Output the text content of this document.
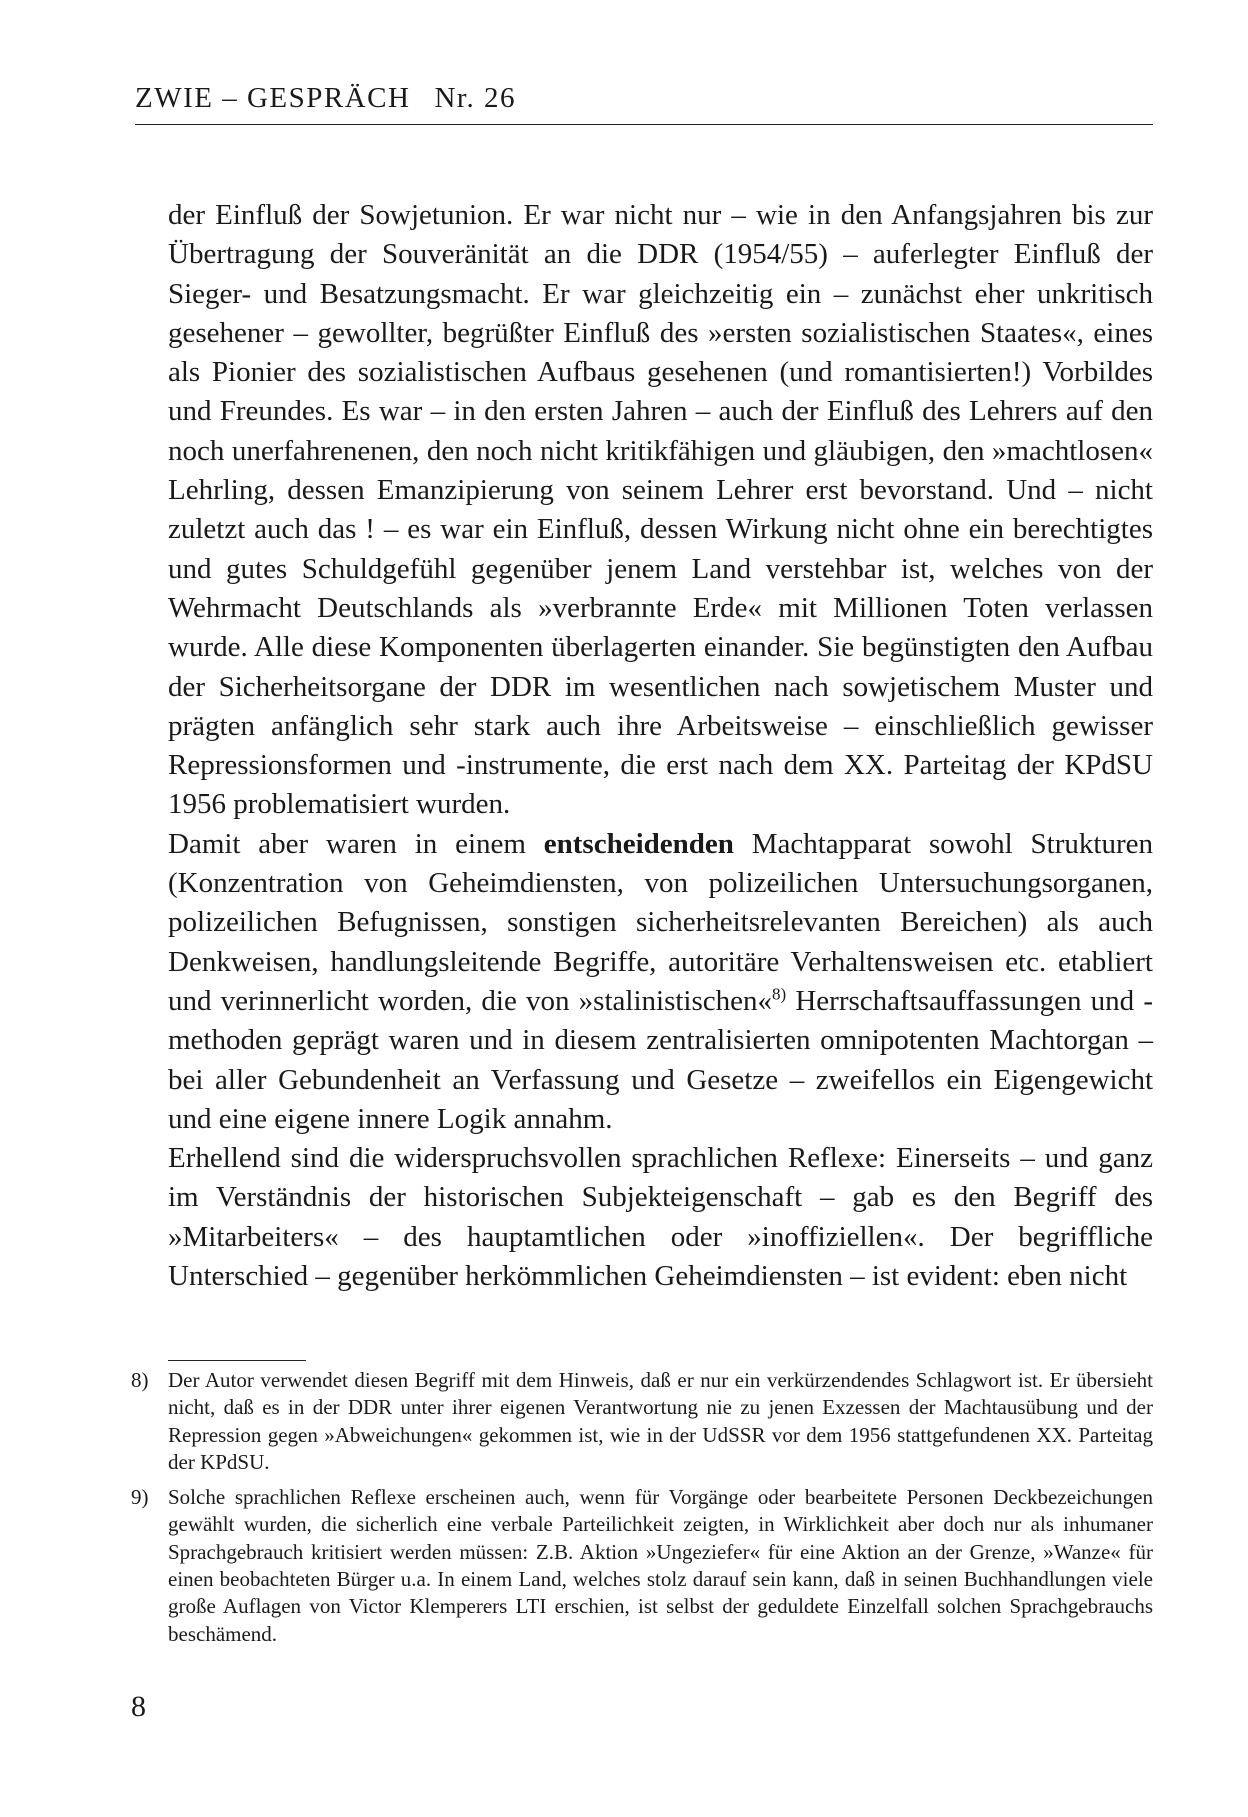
ZWIE – GESPRÄCH Nr. 26

der Einfluß der Sowjetunion. Er war nicht nur – wie in den Anfangsjahren bis zur Übertragung der Souveränität an die DDR (1954/55) – auferlegter Einfluß der Sieger- und Besatzungsmacht. Er war gleichzeitig ein – zunächst eher unkritisch gesehener – gewollter, begrüßter Einfluß des »ersten sozialistischen Staates«, eines als Pionier des sozialistischen Aufbaus gesehenen (und romantisierten!) Vorbildes und Freundes. Es war – in den ersten Jahren – auch der Einfluß des Lehrers auf den noch unerfahrenenen, den noch nicht kritikfähigen und gläubigen, den »machtlosen« Lehrling, dessen Emanzipierung von seinem Lehrer erst bevorstand. Und – nicht zuletzt auch das ! – es war ein Einfluß, dessen Wirkung nicht ohne ein berechtigtes und gutes Schuldgefühl gegenüber jenem Land verstehbar ist, welches von der Wehrmacht Deutschlands als »verbrannte Erde« mit Millionen Toten verlassen wurde. Alle diese Komponenten überlagerten einander. Sie begünstigten den Aufbau der Sicherheitsorgane der DDR im wesentlichen nach sowjetischem Muster und prägten anfänglich sehr stark auch ihre Arbeitsweise – einschließlich gewisser Repressionsformen und -instrumente, die erst nach dem XX. Parteitag der KPdSU 1956 problematisiert wurden.

Damit aber waren in einem entscheidenden Machtapparat sowohl Strukturen (Konzentration von Geheimdiensten, von polizeilichen Untersuchungsorganen, polizeilichen Befugnissen, sonstigen sicherheitsrelevanten Bereichen) als auch Denkweisen, handlungsleitende Begriffe, autoritäre Verhaltensweisen etc. etabliert und verinnerlicht worden, die von »stalinistischen«$^{8)}$ Herrschaftsauffassungen und -methoden geprägt waren und in diesem zentralisierten omnipotenten Machtorgan – bei aller Gebundenheit an Verfassung und Gesetze – zweifellos ein Eigengewicht und eine eigene innere Logik annahm.

Erhellend sind die widerspruchsvollen sprachlichen Reflexe: Einerseits – und ganz im Verständnis der historischen Subjekteigenschaft – gab es den Begriff des »Mitarbeiters« – des hauptamtlichen oder »inoffiziellen«. Der begriffliche Unterschied – gegenüber herkömmlichen Geheimdiensten – ist evident: eben nicht

8) Der Autor verwendet diesen Begriff mit dem Hinweis, daß er nur ein verkürzendendes Schlagwort ist. Er übersieht nicht, daß es in der DDR unter ihrer eigenen Verantwortung nie zu jenen Exzessen der Machtausübung und der Repression gegen »Abweichungen« gekommen ist, wie in der UdSSR vor dem 1956 stattgefundenen XX. Parteitag der KPdSU.
9) Solche sprachlichen Reflexe erscheinen auch, wenn für Vorgänge oder bearbeitete Personen Deckbezeichungen gewählt wurden, die sicherlich eine verbale Parteilichkeit zeigten, in Wirklichkeit aber doch nur als inhumaner Sprachgebrauch kritisiert werden müssen: Z.B. Aktion »Ungeziefer« für eine Aktion an der Grenze, »Wanze« für einen beobachteten Bürger u.a. In einem Land, welches stolz darauf sein kann, daß in seinen Buchhandlungen viele große Auflagen von Victor Klemperers LTI erschien, ist selbst der geduldete Einzelfall solchen Sprachgebrauchs beschämend.
8
